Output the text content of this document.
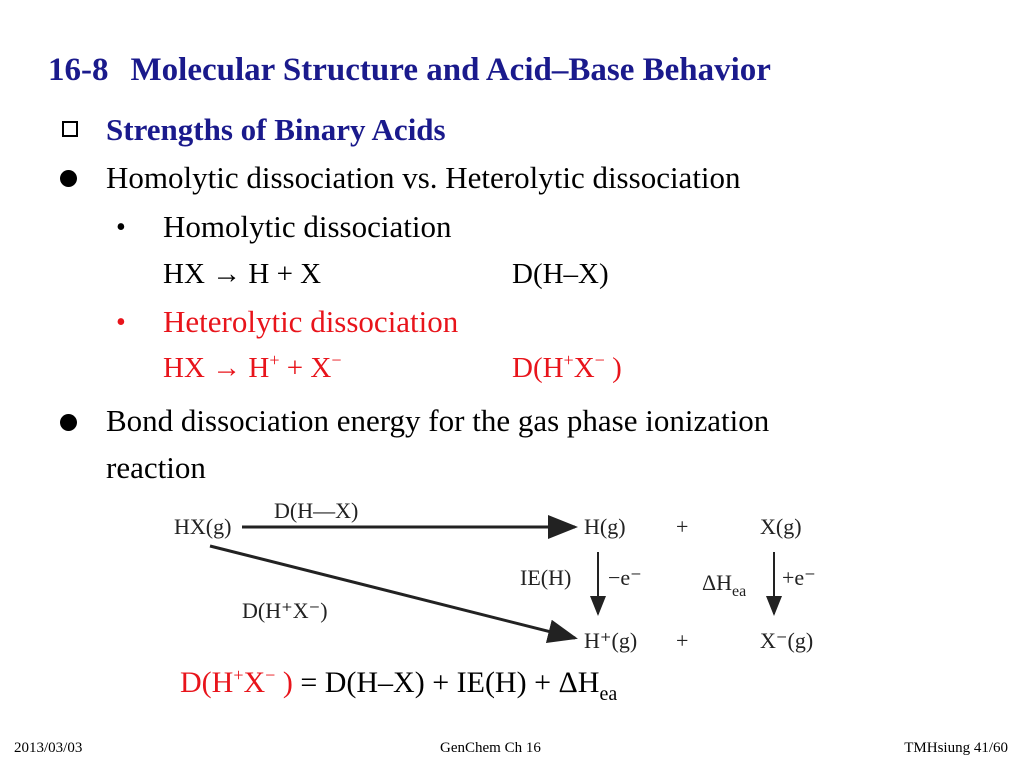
16-8 Molecular Structure and Acid–Base Behavior
Strengths of Binary Acids
Homolytic dissociation vs. Heterolytic dissociation
• Homolytic dissociation
HX → H + X	D(H–X)
• Heterolytic dissociation
HX → H+ + X−	D(H+X− )
Bond dissociation energy for the gas phase ionization
reaction
HX(g)
D(H—X)
H(g) +	X(g)
IE(H) −e⁻	$\Delta H_{ea}$
+e⁻
D(H⁺X⁻)
H⁺(g) +	X⁻(g)
D(H+X− ) = $D(H-X) + IE(H) + \Delta H_{ea}$
2013/03/03	GenChem Ch 16	TMHsiung 41/60
